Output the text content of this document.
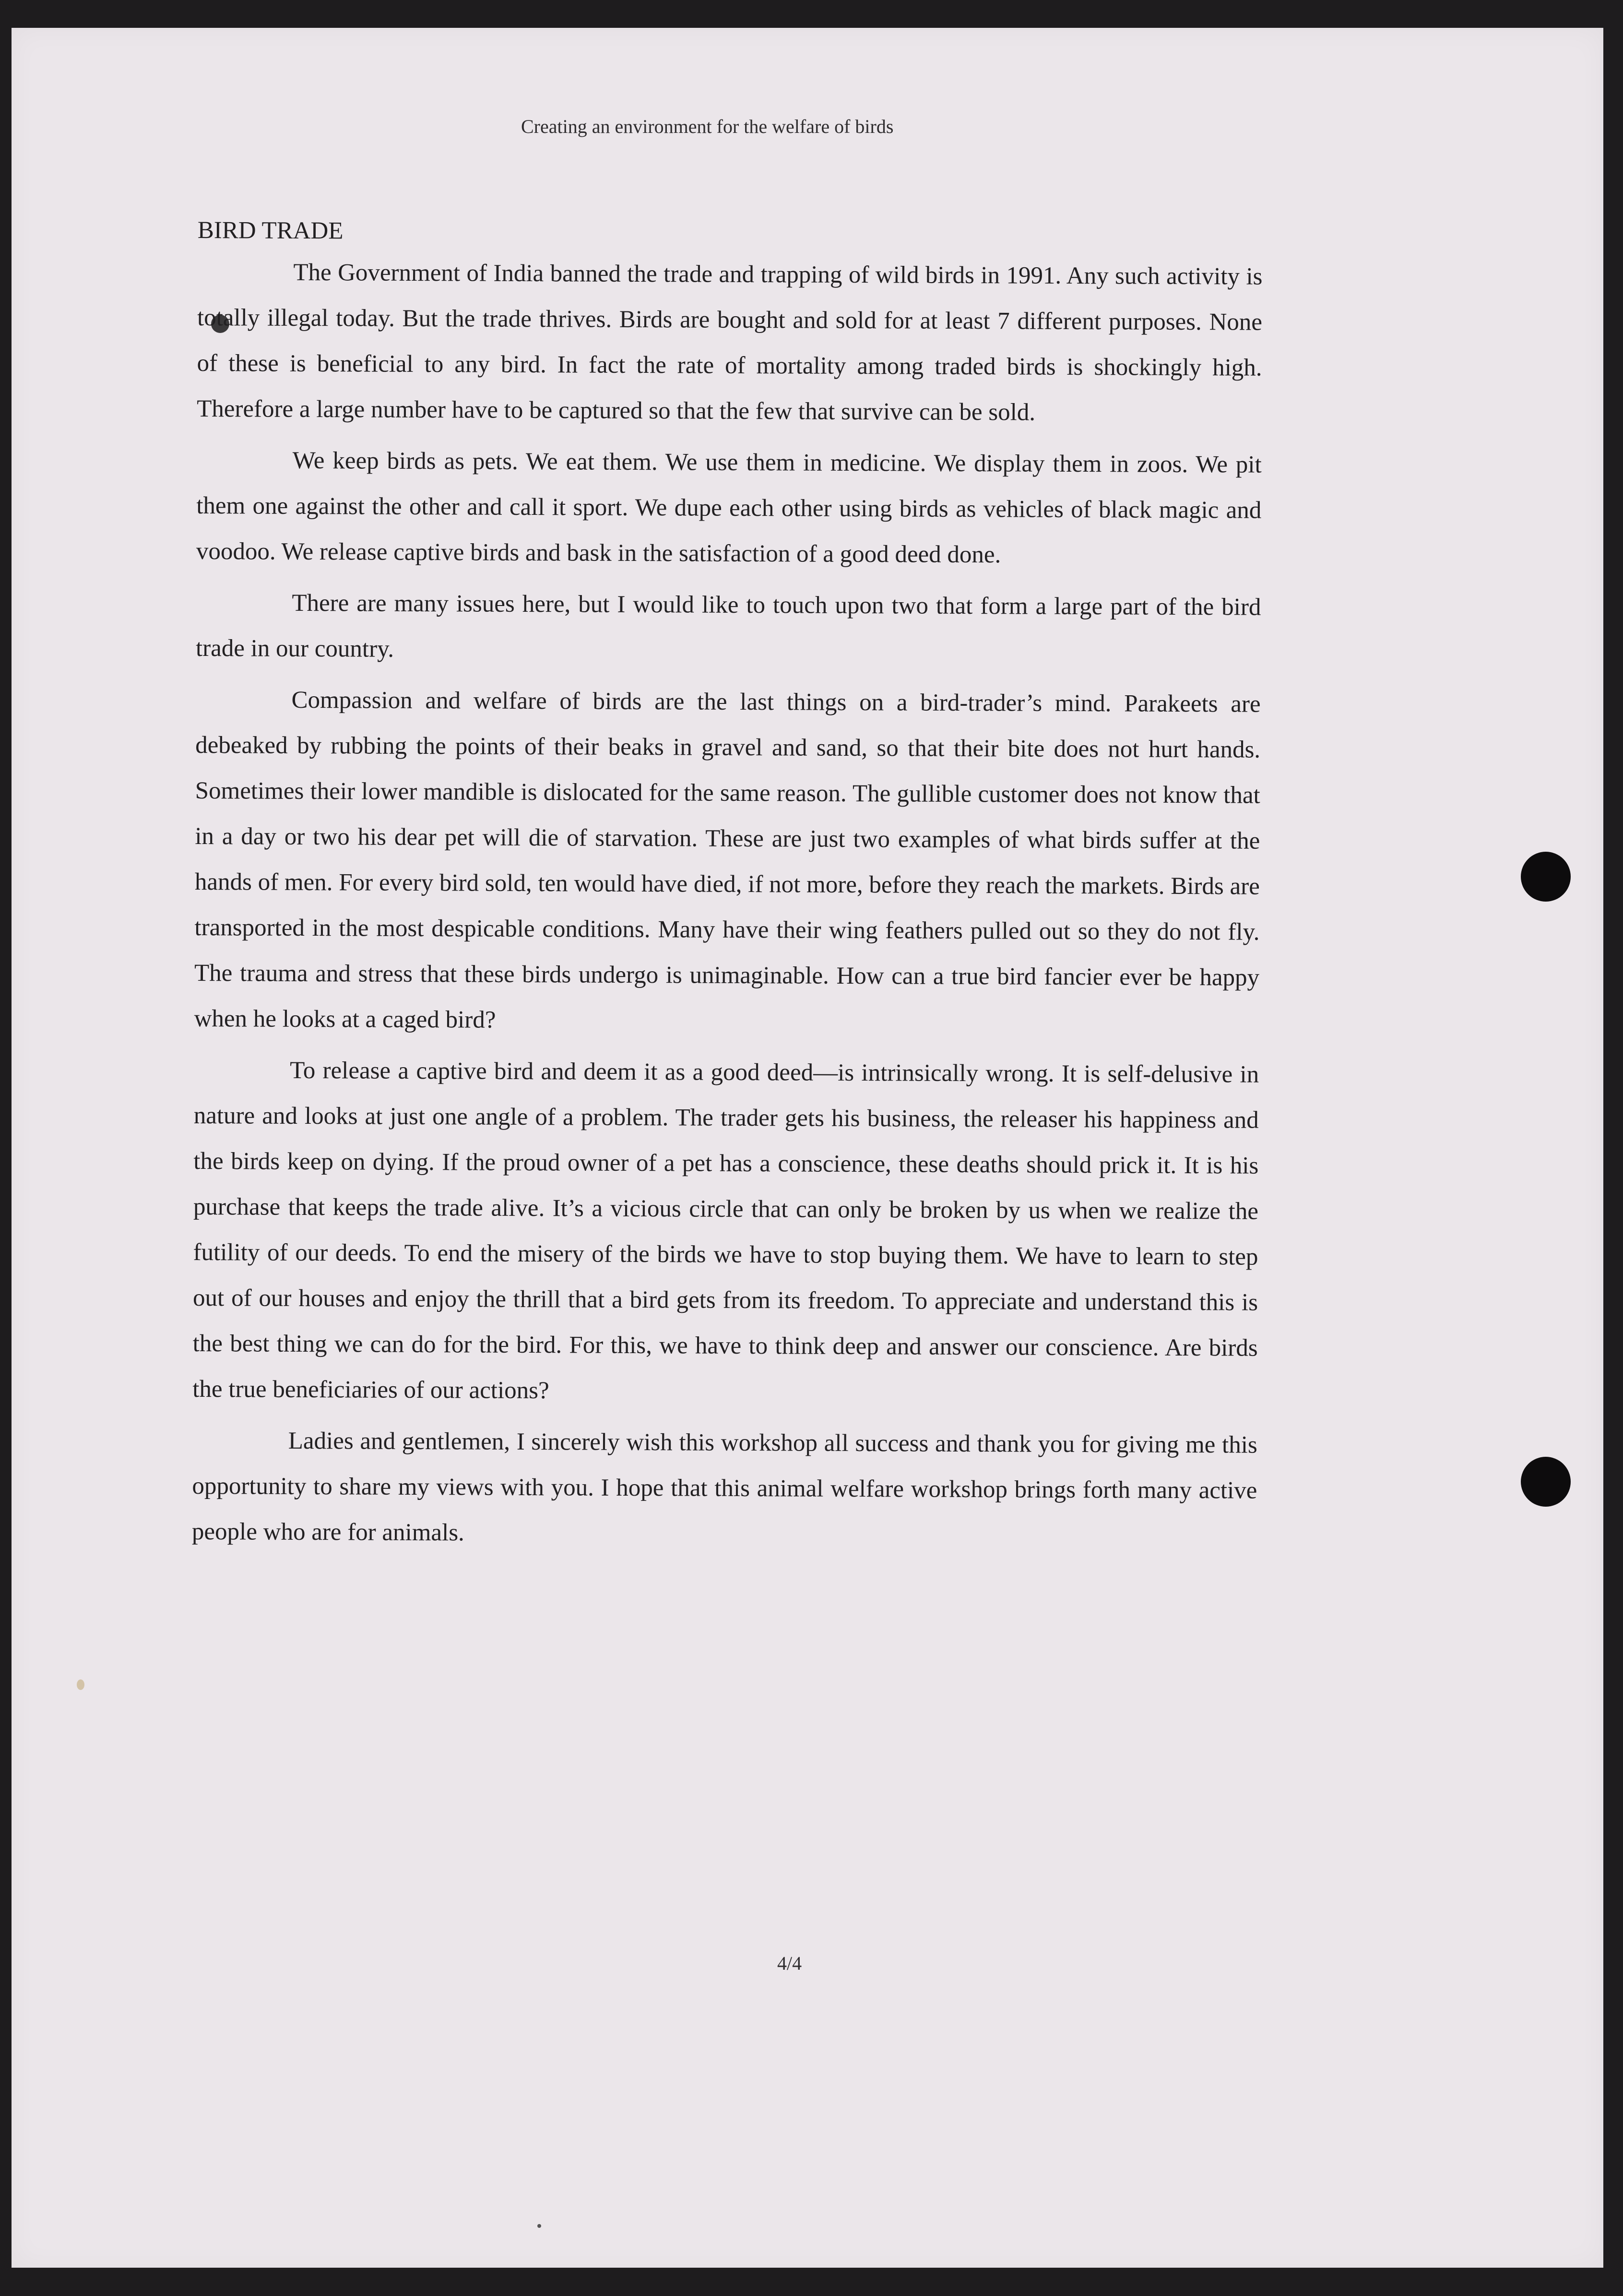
Creating an environment for the welfare of birds
BIRD TRADE

The Government of India banned the trade and trapping of wild birds in 1991. Any such activity is totally illegal today. But the trade thrives. Birds are bought and sold for at least 7 different purposes. None of these is beneficial to any bird. In fact the rate of mortality among traded birds is shockingly high. Therefore a large number have to be captured so that the few that survive can be sold.

We keep birds as pets. We eat them. We use them in medicine. We display them in zoos. We pit them one against the other and call it sport. We dupe each other using birds as vehicles of black magic and voodoo. We release captive birds and bask in the satisfaction of a good deed done.

There are many issues here, but I would like to touch upon two that form a large part of the bird trade in our country.

Compassion and welfare of birds are the last things on a bird-trader’s mind. Parakeets are debeaked by rubbing the points of their beaks in gravel and sand, so that their bite does not hurt hands. Sometimes their lower mandible is dislocated for the same reason. The gullible customer does not know that in a day or two his dear pet will die of starvation. These are just two examples of what birds suffer at the hands of men. For every bird sold, ten would have died, if not more, before they reach the markets. Birds are transported in the most despicable conditions. Many have their wing feathers pulled out so they do not fly. The trauma and stress that these birds undergo is unimaginable. How can a true bird fancier ever be happy when he looks at a caged bird?

To release a captive bird and deem it as a good deed—is intrinsically wrong. It is self-delusive in nature and looks at just one angle of a problem. The trader gets his business, the releaser his happiness and the birds keep on dying. If the proud owner of a pet has a conscience, these deaths should prick it. It is his purchase that keeps the trade alive. It’s a vicious circle that can only be broken by us when we realize the futility of our deeds. To end the misery of the birds we have to stop buying them. We have to learn to step out of our houses and enjoy the thrill that a bird gets from its freedom. To appreciate and understand this is the best thing we can do for the bird. For this, we have to think deep and answer our conscience. Are birds the true beneficiaries of our actions?

Ladies and gentlemen, I sincerely wish this workshop all success and thank you for giving me this opportunity to share my views with you. I hope that this animal welfare workshop brings forth many active people who are for animals.

4/4
